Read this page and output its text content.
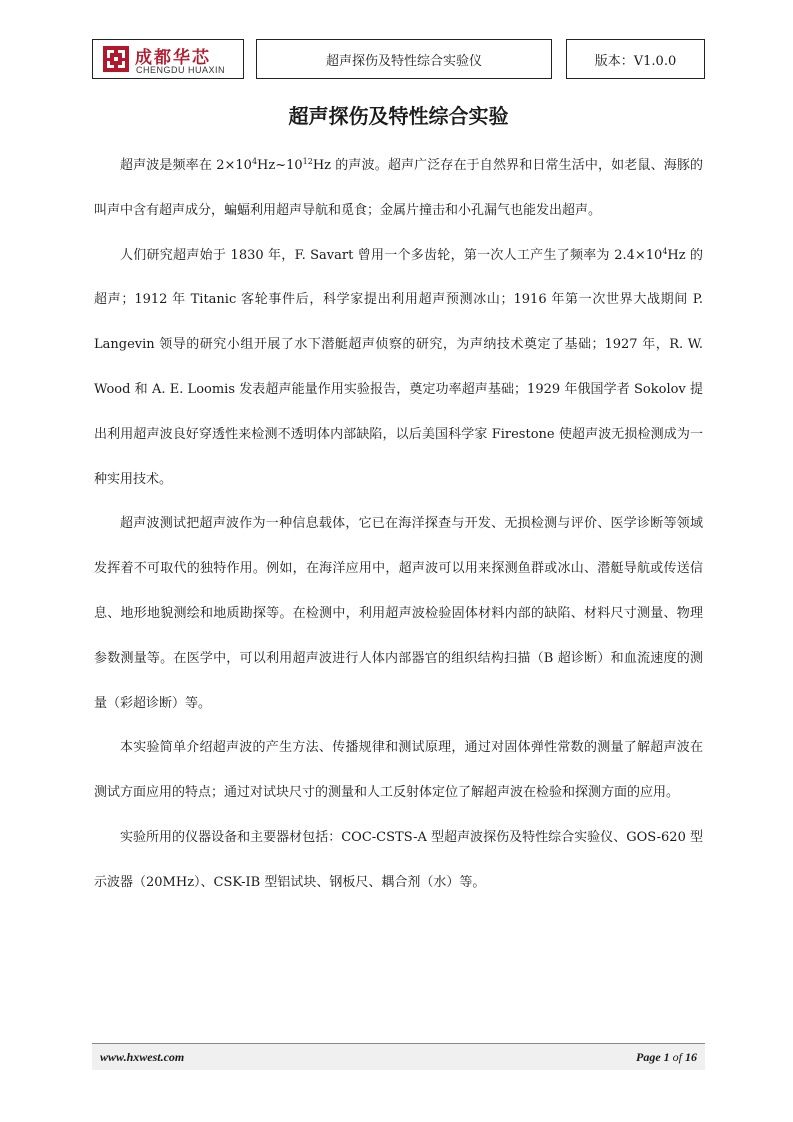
成都华芯
CHENGDU HUAXIN
超声探伤及特性综合实验仪	版本：V1.0.0
超声探伤及特性综合实验

超声波是频率在 $2\times 10^4Hz\sim 10^{12}Hz$ 的声波。超声广泛存在于自然界和日常生活中，如老鼠、海豚的叫声中含有超声成分，蝙蝠利用超声导航和觅食；金属片撞击和小孔漏气也能发出超声。

人们研究超声始于 1830 年，F. Savart 曾用一个多齿轮，第一次人工产生了频率为 $2.4\times 10^4Hz$ 的超声；1912 年 Titanic 客轮事件后，科学家提出利用超声预测冰山；1916 年第一次世界大战期间 P. Langevin 领导的研究小组开展了水下潜艇超声侦察的研究，为声纳技术奠定了基础；1927 年，R. W. Wood 和 A. E. Loomis 发表超声能量作用实验报告，奠定功率超声基础；1929 年俄国学者 Sokolov 提出利用超声波良好穿透性来检测不透明体内部缺陷，以后美国科学家 Firestone 使超声波无损检测成为一种实用技术。

超声波测试把超声波作为一种信息载体，它已在海洋探查与开发、无损检测与评价、医学诊断等领域发挥着不可取代的独特作用。例如，在海洋应用中，超声波可以用来探测鱼群或冰山、潜艇导航或传送信息、地形地貌测绘和地质勘探等。在检测中，利用超声波检验固体材料内部的缺陷、材料尺寸测量、物理参数测量等。在医学中，可以利用超声波进行人体内部器官的组织结构扫描（B 超诊断）和血流速度的测量（彩超诊断）等。

本实验简单介绍超声波的产生方法、传播规律和测试原理，通过对固体弹性常数的测量了解超声波在测试方面应用的特点；通过对试块尺寸的测量和人工反射体定位了解超声波在检验和探测方面的应用。

实验所用的仪器设备和主要器材包括：COC-CSTS-A 型超声波探伤及特性综合实验仪、GOS-620 型示波器（20MHz）、CSK-IB 型铝试块、钢板尺、耦合剂（水）等。

www.hxwest.com	Page 1 of 16
